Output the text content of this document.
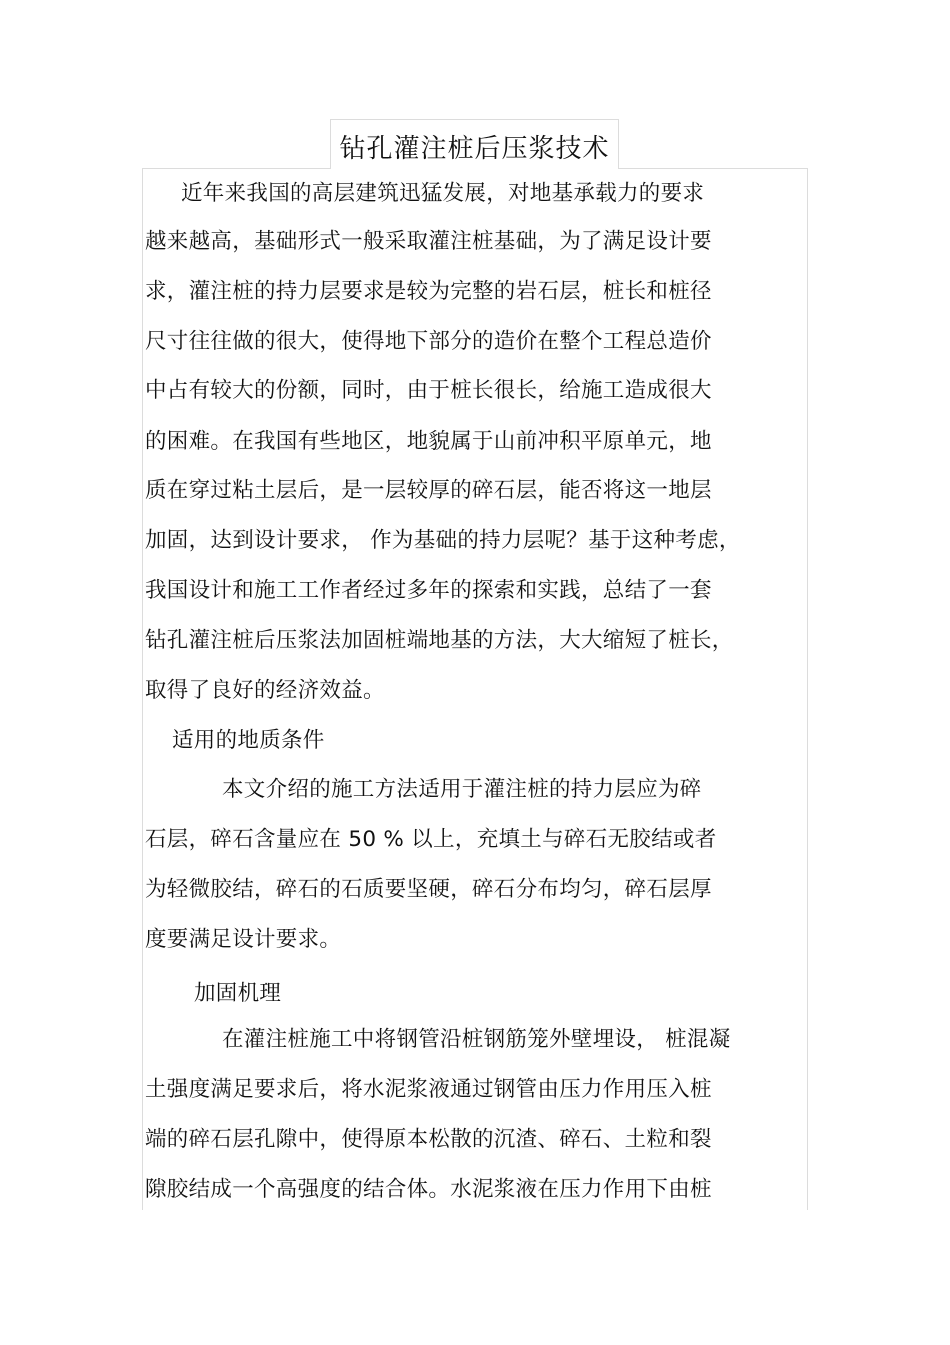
钻孔灌注桩后压浆技术
近年来我国的高层建筑迅猛发展，对地基承载力的要求
越来越高，基础形式一般采取灌注桩基础，为了满足设计要
求，灌注桩的持力层要求是较为完整的岩石层，桩长和桩径
尺寸往往做的很大，使得地下部分的造价在整个工程总造价
中占有较大的份额，同时，由于桩长很长，给施工造成很大
的困难。在我国有些地区，地貌属于山前冲积平原单元，地
质在穿过粘土层后，是一层较厚的碎石层，能否将这一地层
加固，达到设计要求， 作为基础的持力层呢？基于这种考虑，
我国设计和施工工作者经过多年的探索和实践，总结了一套
钻孔灌注桩后压浆法加固桩端地基的方法，大大缩短了桩长，
取得了良好的经济效益。
适用的地质条件
本文介绍的施工方法适用于灌注桩的持力层应为碎
石层，碎石含量应在 50 % 以上，充填土与碎石无胶结或者
为轻微胶结，碎石的石质要坚硬，碎石分布均匀，碎石层厚
度要满足设计要求。
加固机理
在灌注桩施工中将钢管沿桩钢筋笼外壁埋设， 桩混凝
土强度满足要求后，将水泥浆液通过钢管由压力作用压入桩
端的碎石层孔隙中，使得原本松散的沉渣、碎石、土粒和裂
隙胶结成一个高强度的结合体。水泥浆液在压力作用下由桩
